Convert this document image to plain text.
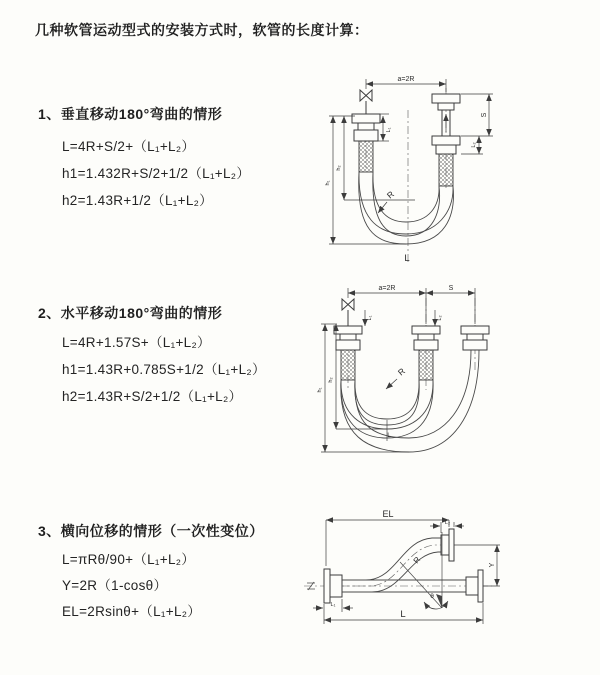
几种软管运动型式的安装方式时，软管的长度计算：
1、垂直移动180°弯曲的情形
L=4R+S/2+（L₁+L₂）
h1=1.432R+S/2+1/2（L₁+L₂）
h2=1.43R+1/2（L₁+L₂）
2、水平移动180°弯曲的情形
L=4R+1.57S+（L₁+L₂）
h1=1.43R+0.785S+1/2（L₁+L₂）
h2=1.43R+S/2+1/2（L₁+L₂）
3、横向位移的情形（一次性变位）
L=πRθ/90+（L₁+L₂）
Y=2R（1-cosθ）
EL=2Rsinθ+（L₁+L₂）
a=2R
L₁
S
L₂
R
h₁
h₂
L
a=2R	S
L₁	L₂
R
h₁
h₂
L
EL
L₂
Y
θ
R
L₁
L
